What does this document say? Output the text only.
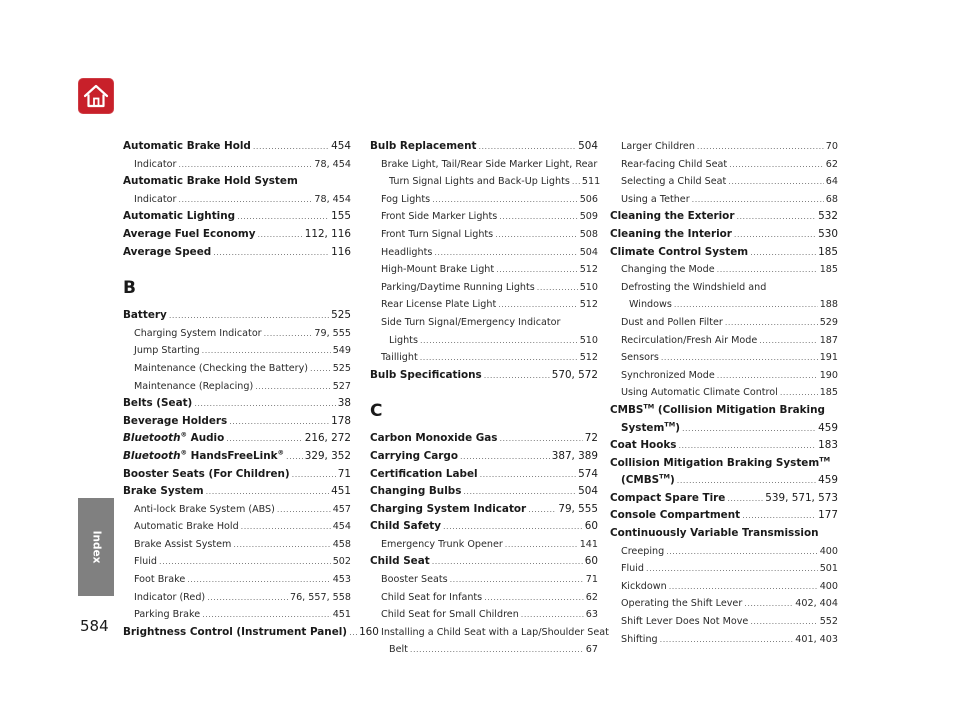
Index
584
Automatic Brake Hold .....	454
Indicator .....	78, 454
Automatic Brake Hold System
Indicator .....	78, 454
Automatic Lighting .....	155
Average Fuel Economy .....	112, 116
Average Speed .....	116
B
Battery .....	525
Charging System Indicator .....	79, 555
Jump Starting .....	549
Maintenance (Checking the Battery) .....	525
Maintenance (Replacing) .....	527
Belts (Seat) .....	38
Beverage Holders .....	178
Bluetooth® Audio .....	216, 272
Bluetooth® HandsFreeLink® ..... 329, 352
Booster Seats (For Children) .....	71
Brake System .....	451
Anti-lock Brake System (ABS) .....	457
Automatic Brake Hold .....	454
Brake Assist System .....	458
Fluid .....	502
Foot Brake .....	453
Indicator (Red) .....	76, 557, 558
Parking Brake .....	451
Brightness Control (Instrument Panel) ..... 160
Bulb Replacement .....	504
Brake Light, Tail/Rear Side Marker Light, Rear
Turn Signal Lights and Back-Up Lights ..... 511
Fog Lights .....	506
Front Side Marker Lights .....	509
Front Turn Signal Lights .....	508
Headlights .....	504
High-Mount Brake Light .....	512
Parking/Daytime Running Lights .....	510
Rear License Plate Light .....	512
Side Turn Signal/Emergency Indicator
Lights .....	510
Taillight .....	512
Bulb Specifications .....	570, 572
C
Carbon Monoxide Gas .....	72
Carrying Cargo .....	387, 389
Certification Label .....	574
Changing Bulbs .....	504
Charging System Indicator .....	79, 555
Child Safety .....	60
Emergency Trunk Opener .....	141
Child Seat .....	60
Booster Seats .....	71
Child Seat for Infants .....	62
Child Seat for Small Children .....	63
Installing a Child Seat with a Lap/Shoulder Seat
Belt .....	67
Larger Children .....	70
Rear-facing Child Seat .....	62
Selecting a Child Seat .....	64
Using a Tether .....	68
Cleaning the Exterior .....	532
Cleaning the Interior .....	530
Climate Control System .....	185
Changing the Mode .....	185
Defrosting the Windshield and
Windows .....	188
Dust and Pollen Filter .....	529
Recirculation/Fresh Air Mode .....	187
Sensors .....	191
Synchronized Mode .....	190
Using Automatic Climate Control .....	185
CMBS™ (Collision Mitigation Braking
System™) .....	459
Coat Hooks .....	183
Collision Mitigation Braking System™
(CMBS™) .....	459
Compact Spare Tire .....	539, 571, 573
Console Compartment .....	177
Continuously Variable Transmission
Creeping .....	400
Fluid .....	501
Kickdown .....	400
Operating the Shift Lever .....	402, 404
Shift Lever Does Not Move .....	552
Shifting .....	401, 403
